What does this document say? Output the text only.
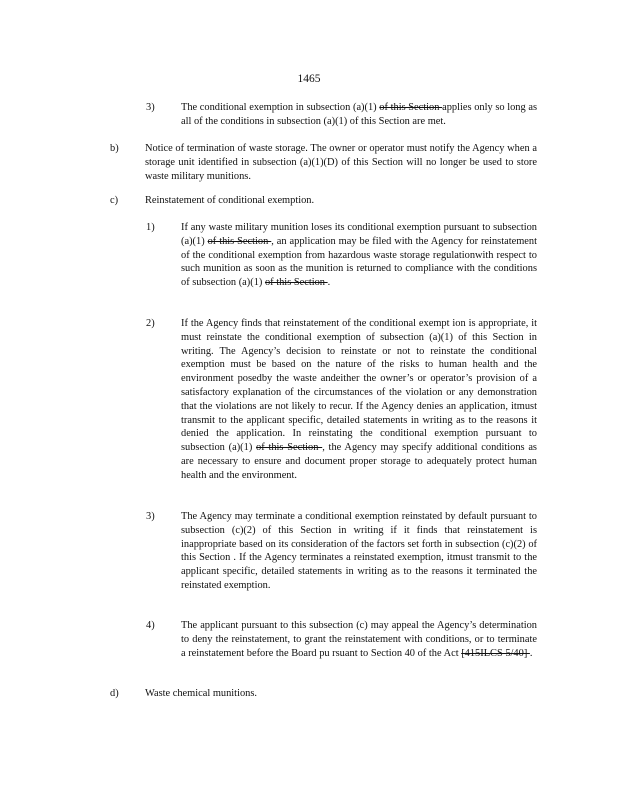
1465
3)	The conditional exemption in subsection (a)(1) of this Section applies only so long as all of the conditions in subsection (a)(1) of this Section are met.
b)	Notice of termination of waste storage. The owner or operator must notify the Agency when a storage unit identified in subsection (a)(1)(D) of this Section will no longer be used to store waste military munitions.
c)	Reinstatement of conditional exemption.
1)	If any waste military munition loses its conditional exemption pursuant to subsection (a)(1) of this Section , an application may be filed with the Agency for reinstatement of the conditional exemption from hazardous waste storage regulationwith respect to such munition as soon as the munition is returned to compliance with the conditions of subsection (a)(1) of this Section .
2)	If the Agency finds that reinstatement of the conditional exempt ion is appropriate, it must reinstate the conditional exemption of subsection (a)(1) of this Section in writing. The Agency’s decision to reinstate or not to reinstate the conditional exemption must be based on the nature of the risks to human health and the environment posedby the waste andeither the owner’s or operator’s provision of a satisfactory explanation of the circumstances of the violation or any demonstration that the violations are not likely to recur. If the Agency denies an application, itmust transmit to the applicant specific, detailed statements in writing as to the reasons it denied the application. In reinstating the conditional exemption pursuant to subsection (a)(1) of this Section , the Agency may specify additional conditions as are necessary to ensure and document proper storage to adequately protect human health and the environment.
3)	The Agency may terminate a conditional exemption reinstated by default pursuant to subsection (c)(2) of this Section in writing if it finds that reinstatement is inappropriate based on its consideration of the factors set forth in subsection (c)(2) of this Section . If the Agency terminates a reinstated exemption, itmust transmit to the applicant specific, detailed statements in writing as to the reasons it terminated the reinstated exemption.
4)	The applicant pursuant to this subsection (c) may appeal the Agency’s determination to deny the reinstatement, to grant the reinstatement with conditions, or to terminate a reinstatement before the Board pu rsuant to Section 40 of the Act [415ILCS 5/40] .
d)	Waste chemical munitions.
